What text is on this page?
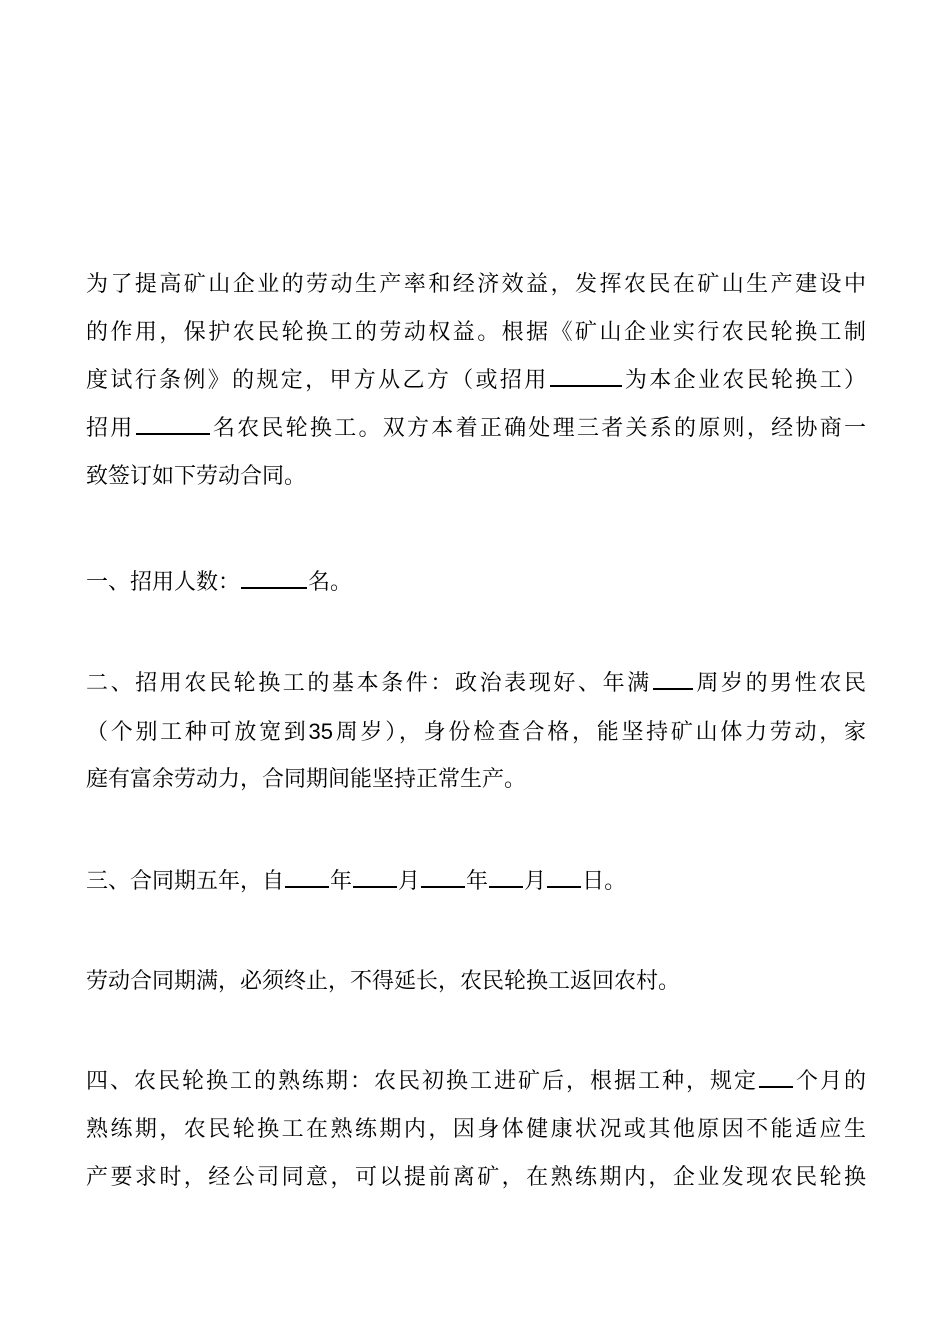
为了提高矿山企业的劳动生产率和经济效益，发挥农民在矿山生产建设中
的作用，保护农民轮换工的劳动权益。根据《矿山企业实行农民轮换工制
度试行条例》的规定，甲方从乙方（或招用	为本企业农民轮换工）
招用	名农民轮换工。双方本着正确处理三者关系的原则，经协商一
致签订如下劳动合同。
一、招用人数：	名。
二、招用农民轮换工的基本条件：政治表现好、年满 周岁的男性农民
（个别工种可放宽到35周岁），身份检查合格，能坚持矿山体力劳动，家
庭有富余劳动力，合同期间能坚持正常生产。
三、合同期五年，自 年 月 年 月 日。
劳动合同期满，必须终止，不得延长，农民轮换工返回农村。
四、农民轮换工的熟练期：农民初换工进矿后，根据工种，规定 个月的
熟练期，农民轮换工在熟练期内，因身体健康状况或其他原因不能适应生
产要求时，经公司同意，可以提前离矿，在熟练期内，企业发现农民轮换
